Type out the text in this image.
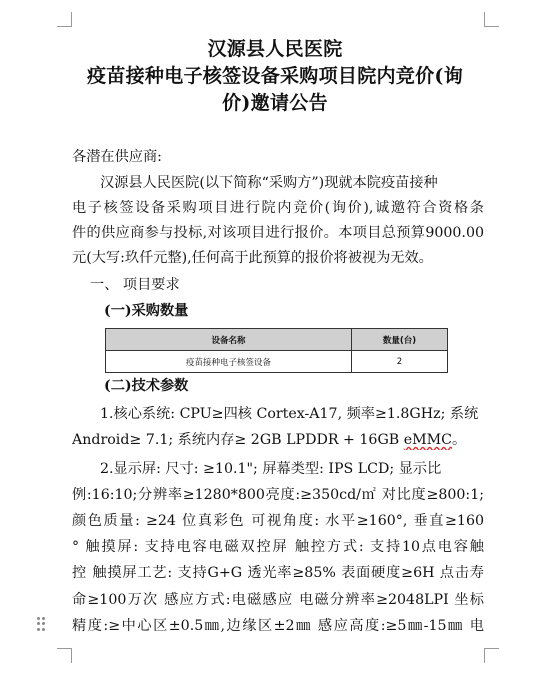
汉源县人民医院
疫苗接种电子核签设备采购项目院内竞价(询
价)邀请公告
各潜在供应商:
汉源县人民医院(以下简称“采购方”)现就本院疫苗接种
电子核签设备采购项目进行院内竞价(询价),诚邀符合资格条
件的供应商参与投标,对该项目进行报价。本项目总预算9000.00
元(大写:玖仟元整),任何高于此预算的报价将被视为无效。
一、 项目要求
(一)采购数量
设备名称	数量(台)
疫苗接种电子核签设备	2
(二)技术参数
1.核心系统: CPU≥四核 Cortex-A17, 频率≥1.8GHz; 系统
Android≥ 7.1; 系统内存≥ 2GB LPDDR + 16GB eMMC。
2.显示屏: 尺寸: ≥10.1"; 屏幕类型: IPS LCD; 显示比
例:16:10;分辨率≥1280*800亮度:≥350cd/㎡ 对比度≥800:1;
颜色质量: ≥24 位真彩色 可视角度: 水平≥160°, 垂直≥160
° 触摸屏: 支持电容电磁双控屏 触控方式: 支持10点电容触
控 触摸屏工艺: 支持G+G 透光率≥85% 表面硬度≥6H 点击寿
命≥100万次 感应方式:电磁感应 电磁分辨率≥2048LPI 坐标
精度:≥中心区±0.5㎜,边缘区±2㎜ 感应高度:≥5㎜-15㎜ 电
